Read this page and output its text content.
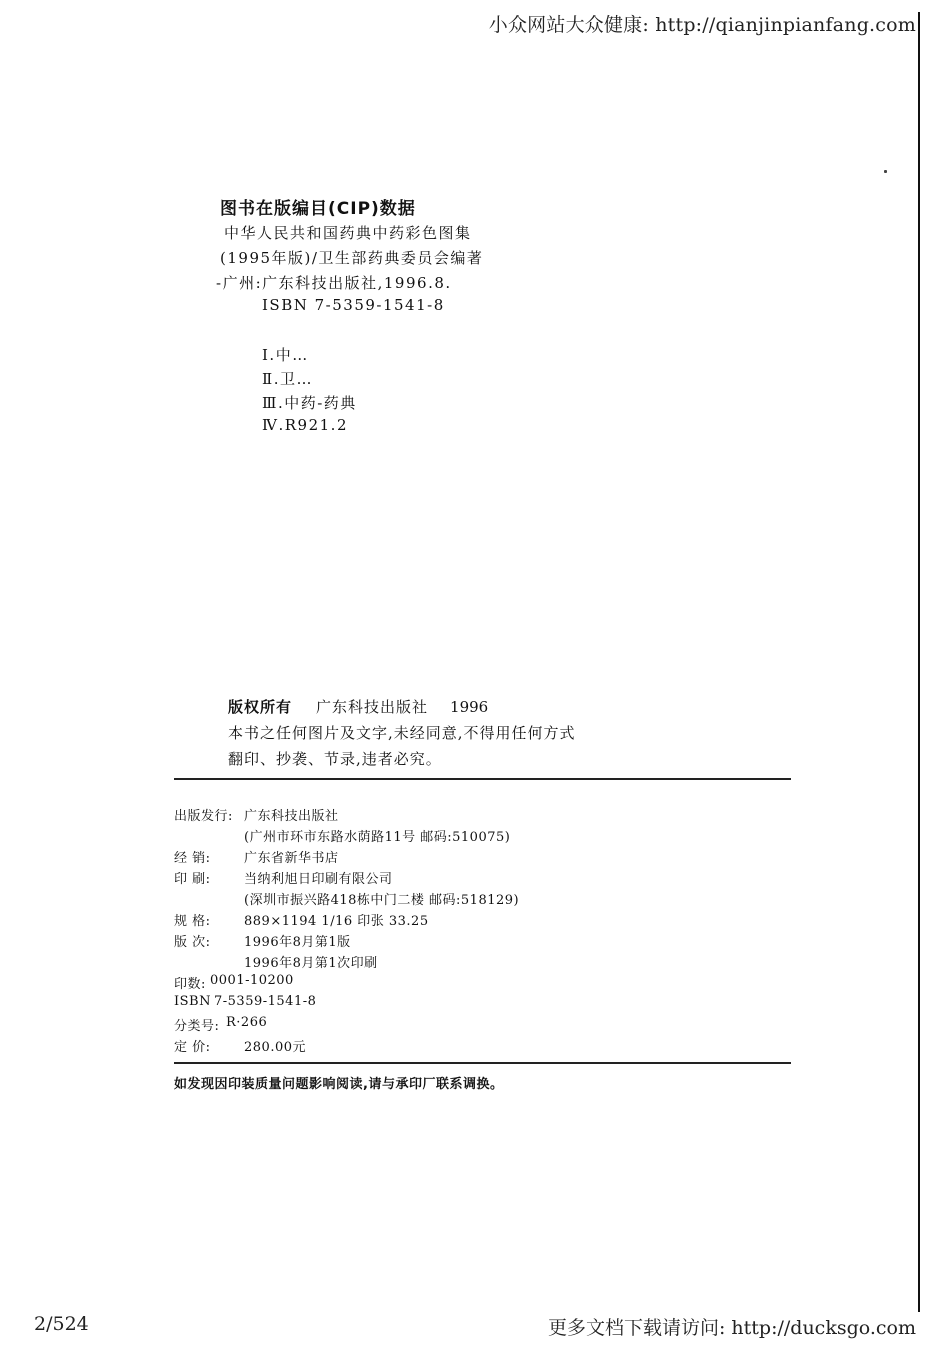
小众网站大众健康: http://qianjinpianfang.com
图书在版编目(CIP)数据
中华人民共和国药典中药彩色图集
(1995年版)/卫生部药典委员会编著
-广州:广东科技出版社,1996.8.
ISBN 7-5359-1541-8
Ⅰ.中…
Ⅱ.卫…
Ⅲ.中药-药典
Ⅳ.R921.2
版权所有 广东科技出版社 1996
本书之任何图片及文字,未经同意,不得用任何方式
翻印、抄袭、节录,违者必究。
出版发行: 广东科技出版社
(广州市环市东路水荫路11号 邮码:510075)
经 销:	广东省新华书店
印 刷:	当纳利旭日印刷有限公司
(深圳市振兴路418栋中门二楼 邮码:518129)
规 格:	889×1194 1/16 印张 33.25
版 次:	1996年8月第1版
1996年8月第1次印刷
印数: 0001-10200
ISBN 7-5359-1541-8
分类号: R·266
定 价:	280.00元
如发现因印装质量问题影响阅读,请与承印厂联系调换。
2/524	更多文档下载请访问: http://ducksgo.com
